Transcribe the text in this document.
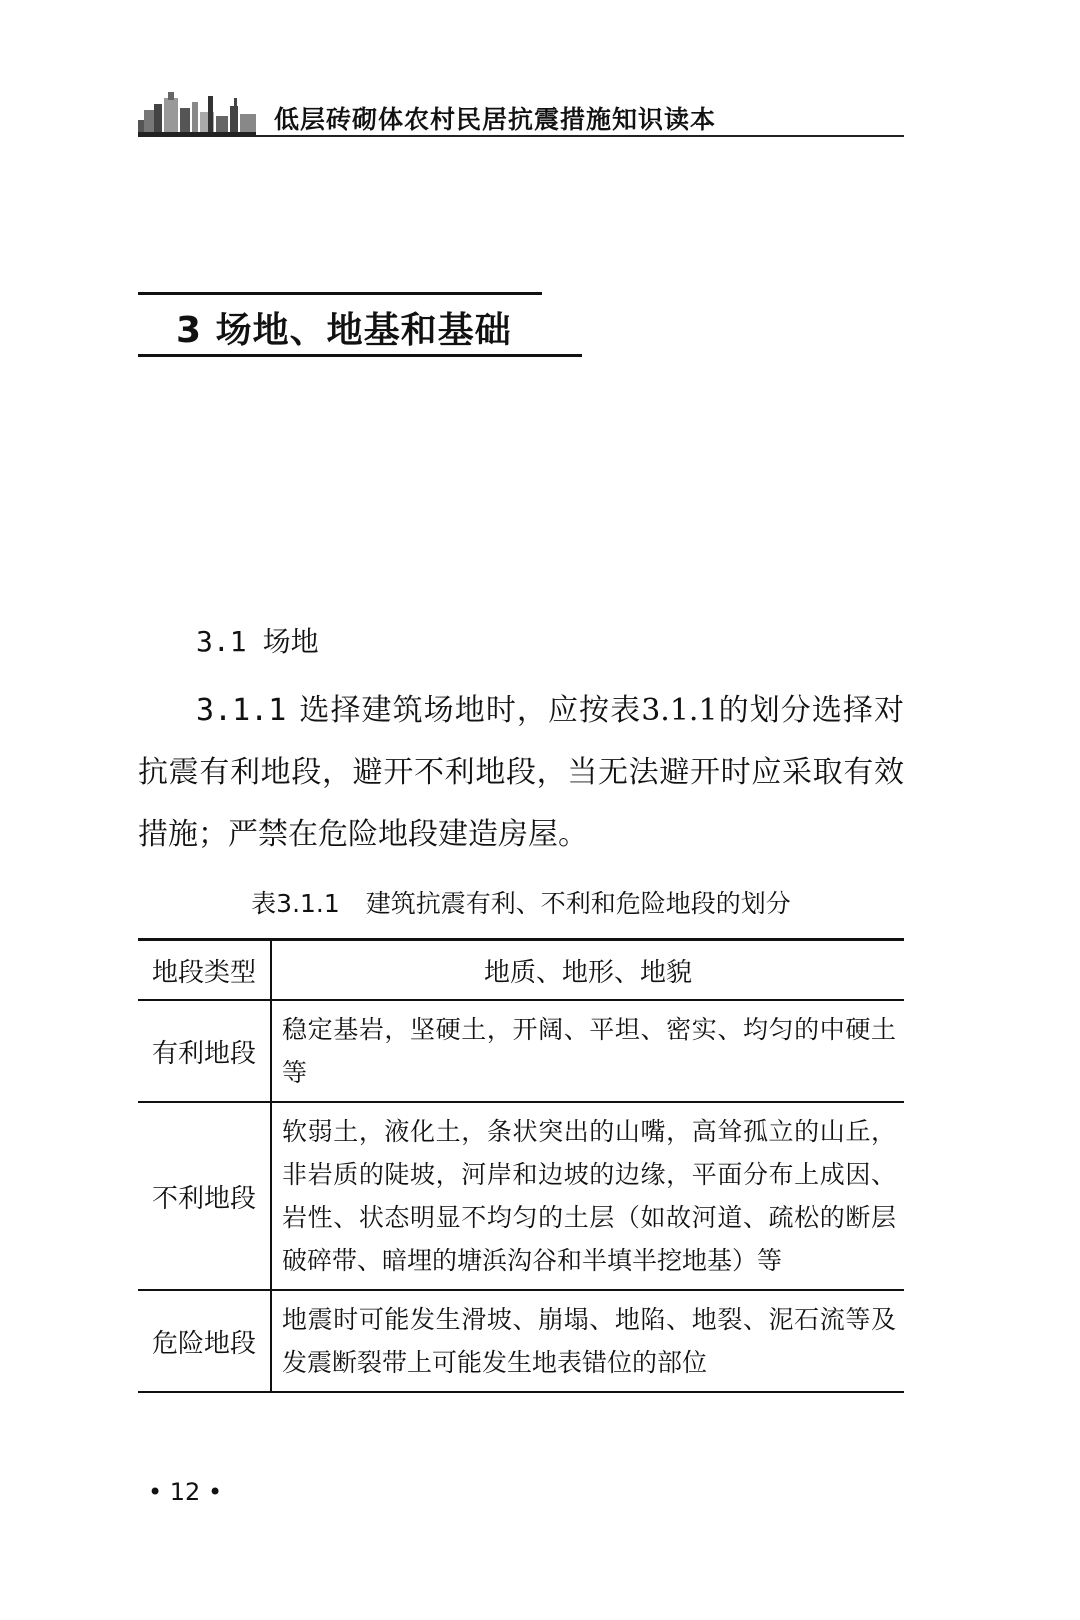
低层砖砌体农村民居抗震措施知识读本
3 场地、地基和基础
3.1 场地
3.1.1 选择建筑场地时，应按表3.1.1的划分选择对抗震有利地段，避开不利地段，当无法避开时应采取有效措施；严禁在危险地段建造房屋。
表3.1.1 建筑抗震有利、不利和危险地段的划分
地段类型	地质、地形、地貌
有利地段	稳定基岩，坚硬土，开阔、平坦、密实、均匀的中硬土等
不利地段	软弱土，液化土，条状突出的山嘴，高耸孤立的山丘，非岩质的陡坡，河岸和边坡的边缘，平面分布上成因、岩性、状态明显不均匀的土层（如故河道、疏松的断层破碎带、暗埋的塘浜沟谷和半填半挖地基）等
危险地段	地震时可能发生滑坡、崩塌、地陷、地裂、泥石流等及发震断裂带上可能发生地表错位的部位
• 12 •
